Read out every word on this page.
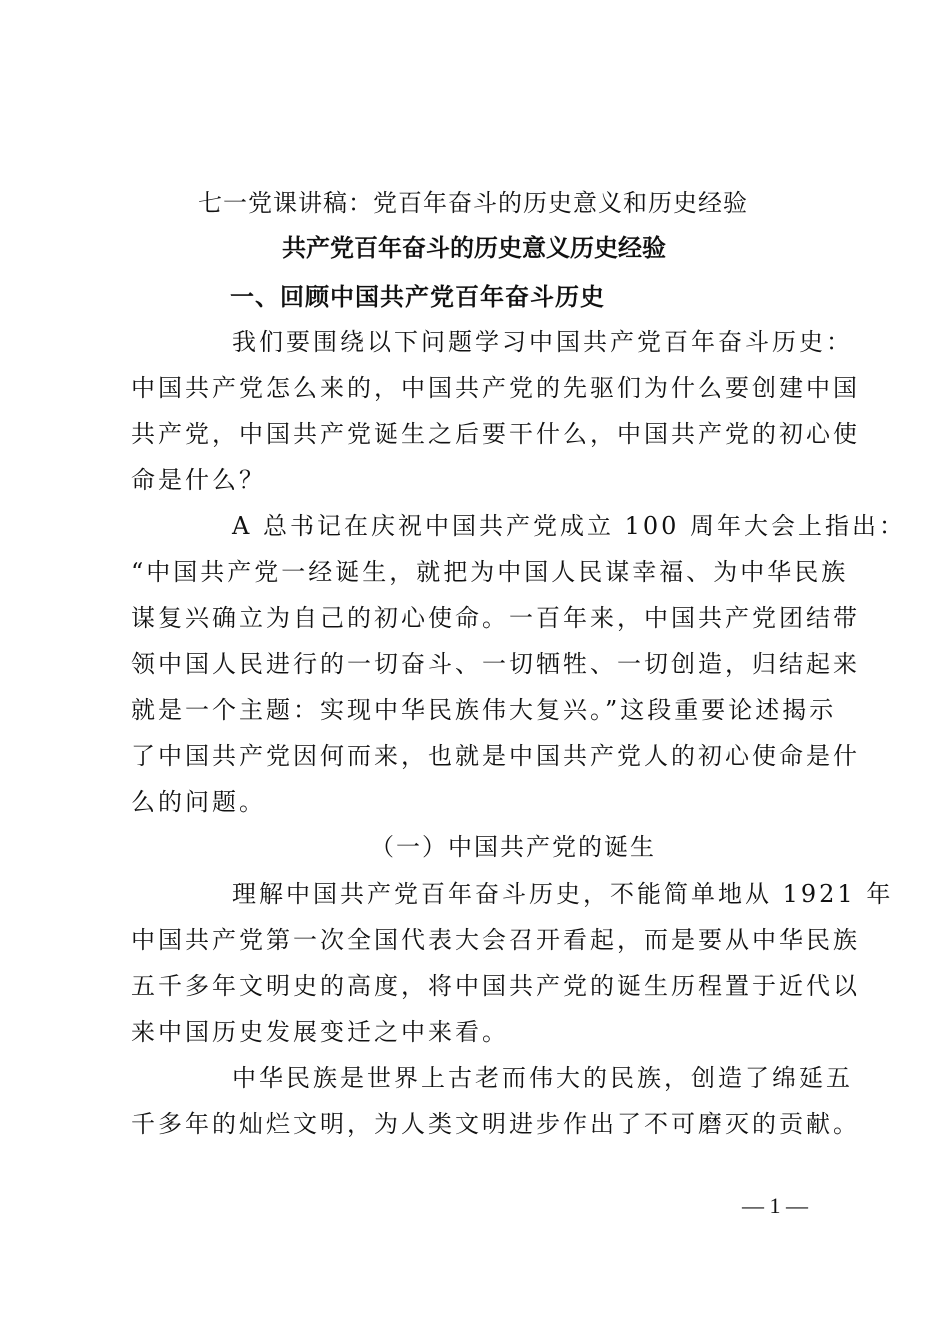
七一党课讲稿：党百年奋斗的历史意义和历史经验
共产党百年奋斗的历史意义历史经验
一、回顾中国共产党百年奋斗历史
我们要围绕以下问题学习中国共产党百年奋斗历史：
中国共产党怎么来的，中国共产党的先驱们为什么要创建中国
共产党，中国共产党诞生之后要干什么，中国共产党的初心使
命是什么？
A 总书记在庆祝中国共产党成立 100 周年大会上指出：
“中国共产党一经诞生，就把为中国人民谋幸福、为中华民族
谋复兴确立为自己的初心使命。一百年来，中国共产党团结带
领中国人民进行的一切奋斗、一切牺牲、一切创造，归结起来
就是一个主题：实现中华民族伟大复兴。”这段重要论述揭示
了中国共产党因何而来，也就是中国共产党人的初心使命是什
么的问题。
（一）中国共产党的诞生
理解中国共产党百年奋斗历史，不能简单地从 1921 年
中国共产党第一次全国代表大会召开看起，而是要从中华民族
五千多年文明史的高度，将中国共产党的诞生历程置于近代以
来中国历史发展变迁之中来看。
中华民族是世界上古老而伟大的民族，创造了绵延五
千多年的灿烂文明，为人类文明进步作出了不可磨灭的贡献。
— 1 —
